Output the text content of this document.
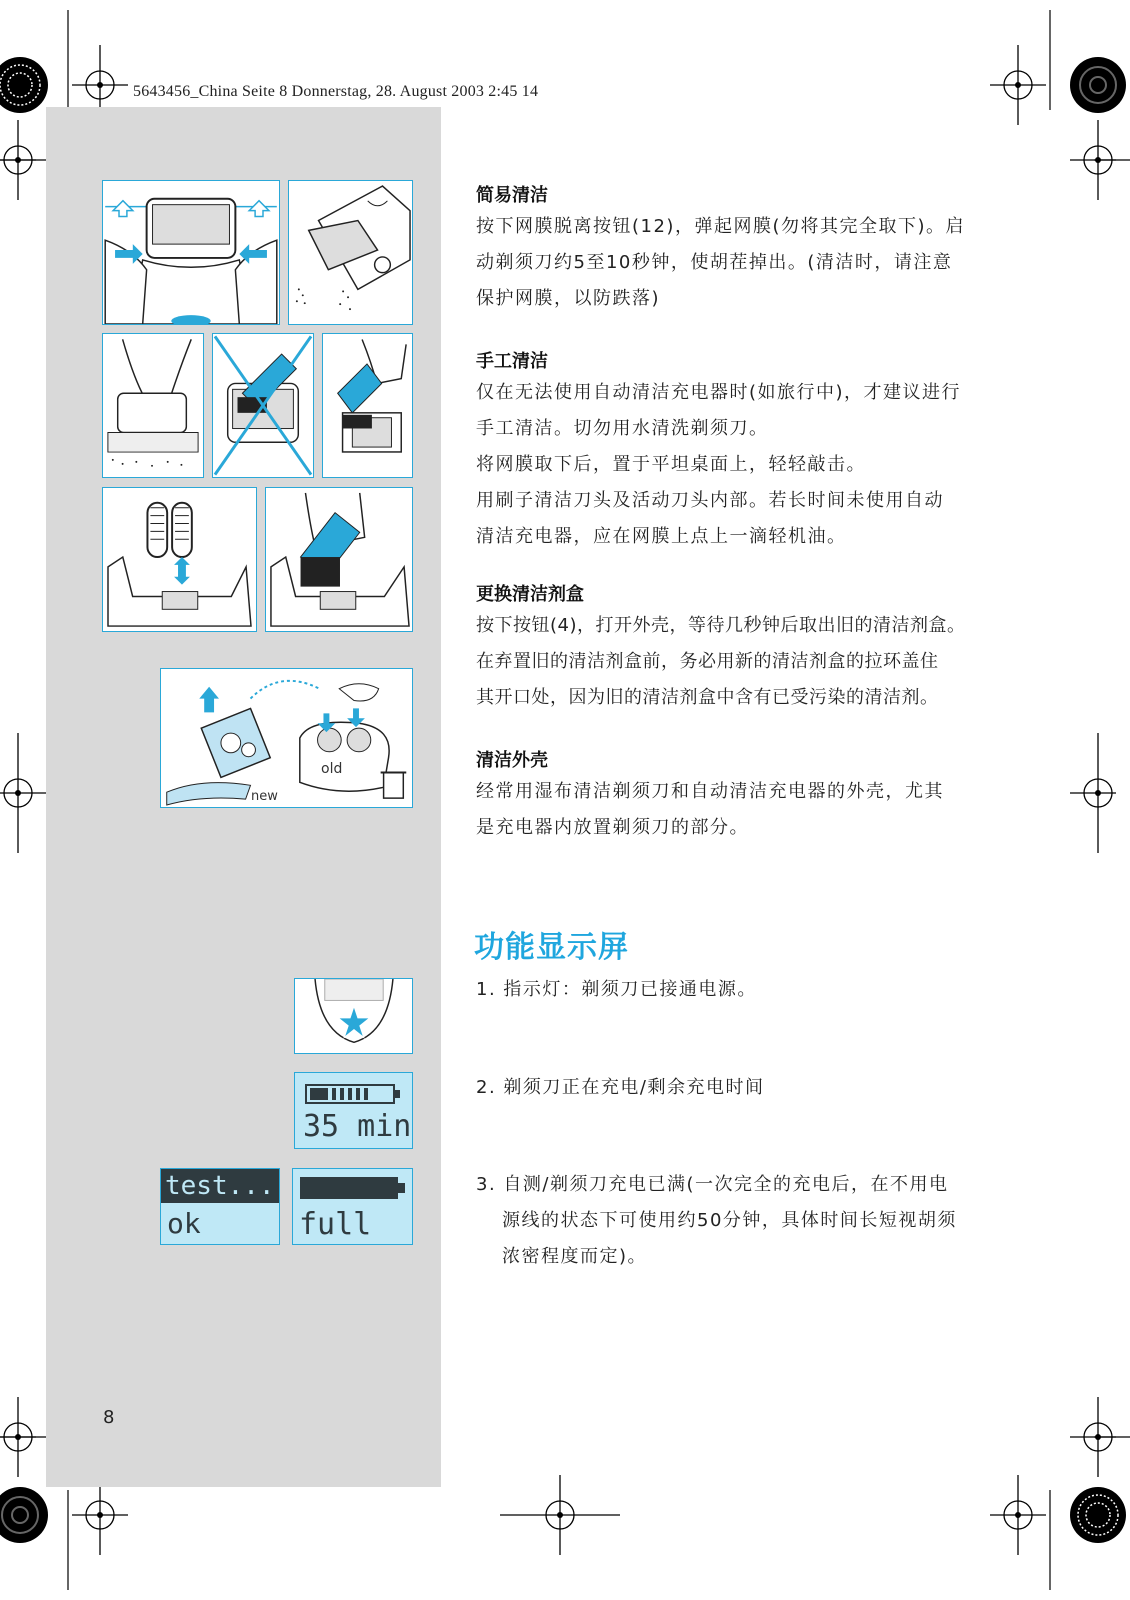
5643456_China Seite 8 Donnerstag, 28. August 2003 2:45 14
old
new
35 min
test...
ok	full
简易清洁
按下网膜脱离按钮(12)，弹起网膜(勿将其完全取下)。启
动剃须刀约5至10秒钟，使胡茬掉出。(清洁时，请注意
保护网膜，以防跌落)
手工清洁
仅在无法使用自动清洁充电器时(如旅行中)，才建议进行
手工清洁。切勿用水清洗剃须刀。
将网膜取下后，置于平坦桌面上，轻轻敲击。
用刷子清洁刀头及活动刀头内部。若长时间未使用自动
清洁充电器，应在网膜上点上一滴轻机油。
更换清洁剂盒
按下按钮(4)，打开外壳，等待几秒钟后取出旧的清洁剂盒。
在弃置旧的清洁剂盒前，务必用新的清洁剂盒的拉环盖住
其开口处，因为旧的清洁剂盒中含有已受污染的清洁剂。
清洁外壳
经常用湿布清洁剃须刀和自动清洁充电器的外壳，尤其
是充电器内放置剃须刀的部分。
功能显示屏
1. 指示灯：剃须刀已接通电源。
2. 剃须刀正在充电/剩余充电时间
3. 自测/剃须刀充电已满(一次完全的充电后，在不用电
源线的状态下可使用约50分钟，具体时间长短视胡须
浓密程度而定)。
8
